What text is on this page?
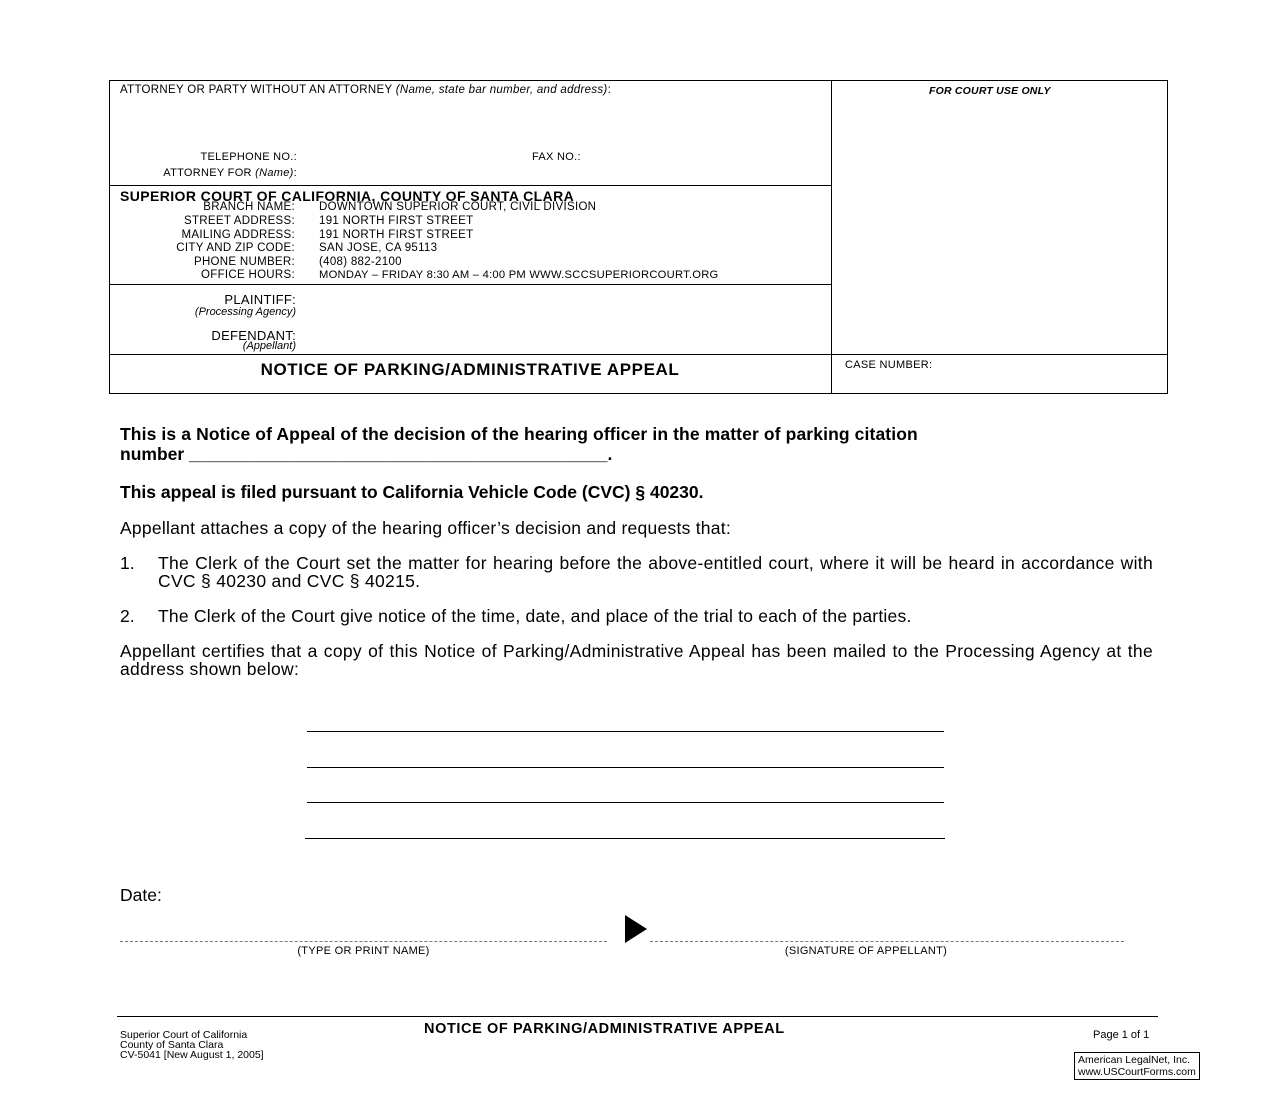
ATTORNEY OR PARTY WITHOUT AN ATTORNEY (Name, state bar number, and address):	FOR COURT USE ONLY
TELEPHONE NO.:	FAX NO.:
ATTORNEY FOR (Name):
SUPERIOR COURT OF CALIFORNIA, COUNTY OF SANTA CLARA
BRANCH NAME: DOWNTOWN SUPERIOR COURT, CIVIL DIVISION
STREET ADDRESS: 191 NORTH FIRST STREET
MAILING ADDRESS: 191 NORTH FIRST STREET
CITY AND ZIP CODE: SAN JOSE, CA 95113
PHONE NUMBER: (408) 882-2100
OFFICE HOURS: MONDAY – FRIDAY 8:30 AM – 4:00 PM WWW.SCCSUPERIORCOURT.ORG
PLAINTIFF:
(Processing Agency)
DEFENDANT:
(Appellant)
NOTICE OF PARKING/ADMINISTRATIVE APPEAL	CASE NUMBER:
This is a Notice of Appeal of the decision of the hearing officer in the matter of parking citation
number ___________________________________________.
This appeal is filed pursuant to California Vehicle Code (CVC) § 40230.
Appellant attaches a copy of the hearing officer’s decision and requests that:
1. The Clerk of the Court set the matter for hearing before the above-entitled court, where it will be heard in accordance with CVC § 40230 and CVC § 40215.
2. The Clerk of the Court give notice of the time, date, and place of the trial to each of the parties.
Appellant certifies that a copy of this Notice of Parking/Administrative Appeal has been mailed to the Processing Agency at the address shown below:
Date:
(TYPE OR PRINT NAME)	(SIGNATURE OF APPELLANT)
Superior Court of California
County of Santa Clara
CV-5041 [New August 1, 2005]
NOTICE OF PARKING/ADMINISTRATIVE APPEAL	Page 1 of 1
American LegalNet, Inc.
www.USCourtForms.com
